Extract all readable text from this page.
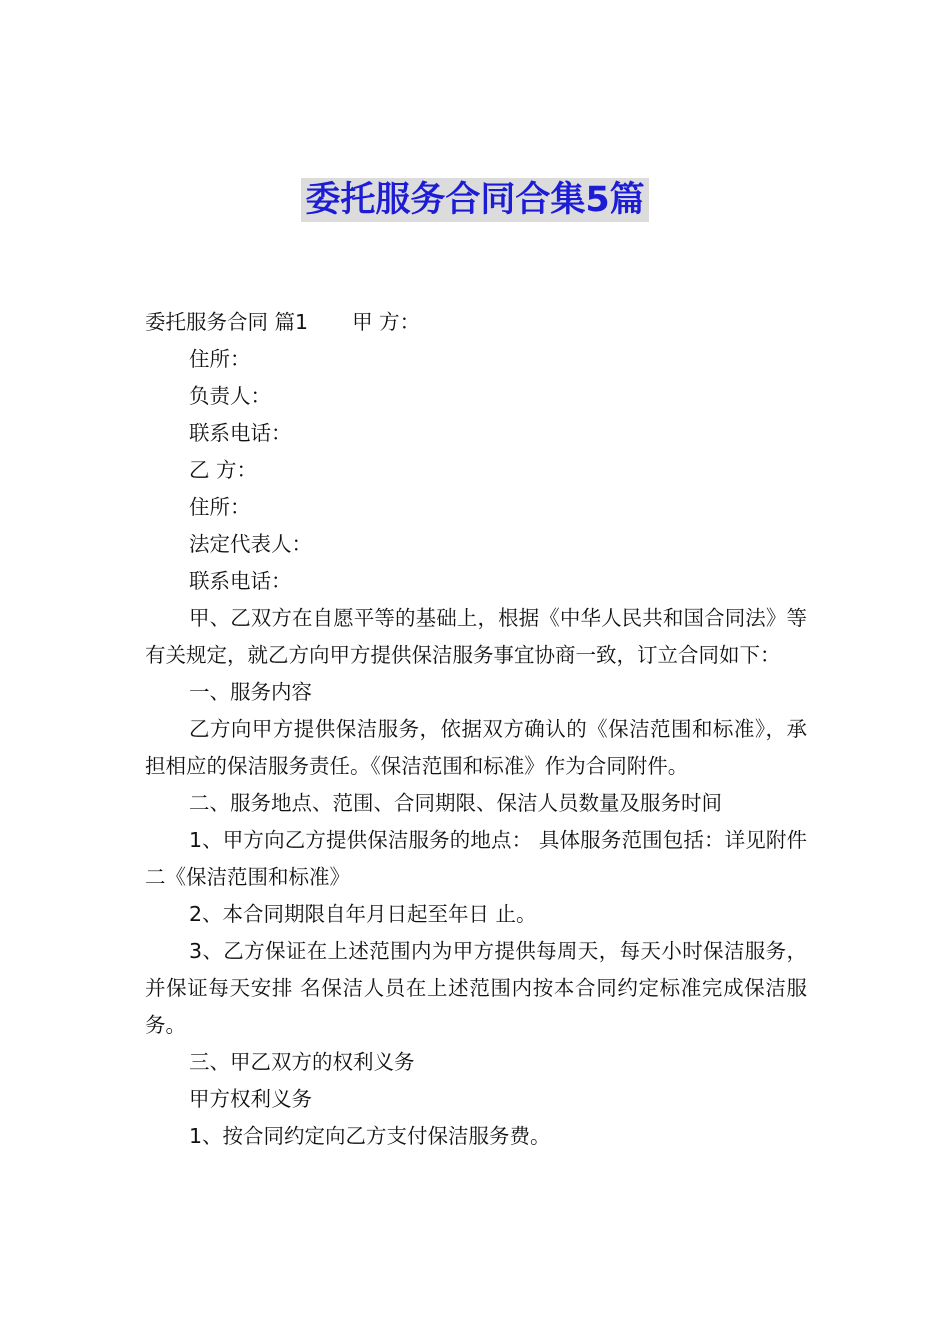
委托服务合同合集5篇

委托服务合同 篇1 甲 方：

住所：

负责人：

联系电话：

乙 方：

住所：

法定代表人：

联系电话：

甲、乙双方在自愿平等的基础上，根据《中华人民共和国合同法》等有关规定，就乙方向甲方提供保洁服务事宜协商一致，订立合同如下：

一、服务内容

乙方向甲方提供保洁服务，依据双方确认的《保洁范围和标准》，承担相应的保洁服务责任。《保洁范围和标准》作为合同附件。

二、服务地点、范围、合同期限、保洁人员数量及服务时间

1、甲方向乙方提供保洁服务的地点： 具体服务范围包括：详见附件二《保洁范围和标准》

2、本合同期限自年月日起至年日 止。

3、乙方保证在上述范围内为甲方提供每周天，每天小时保洁服务，并保证每天安排 名保洁人员在上述范围内按本合同约定标准完成保洁服务。

三、甲乙双方的权利义务

甲方权利义务

1、按合同约定向乙方支付保洁服务费。
